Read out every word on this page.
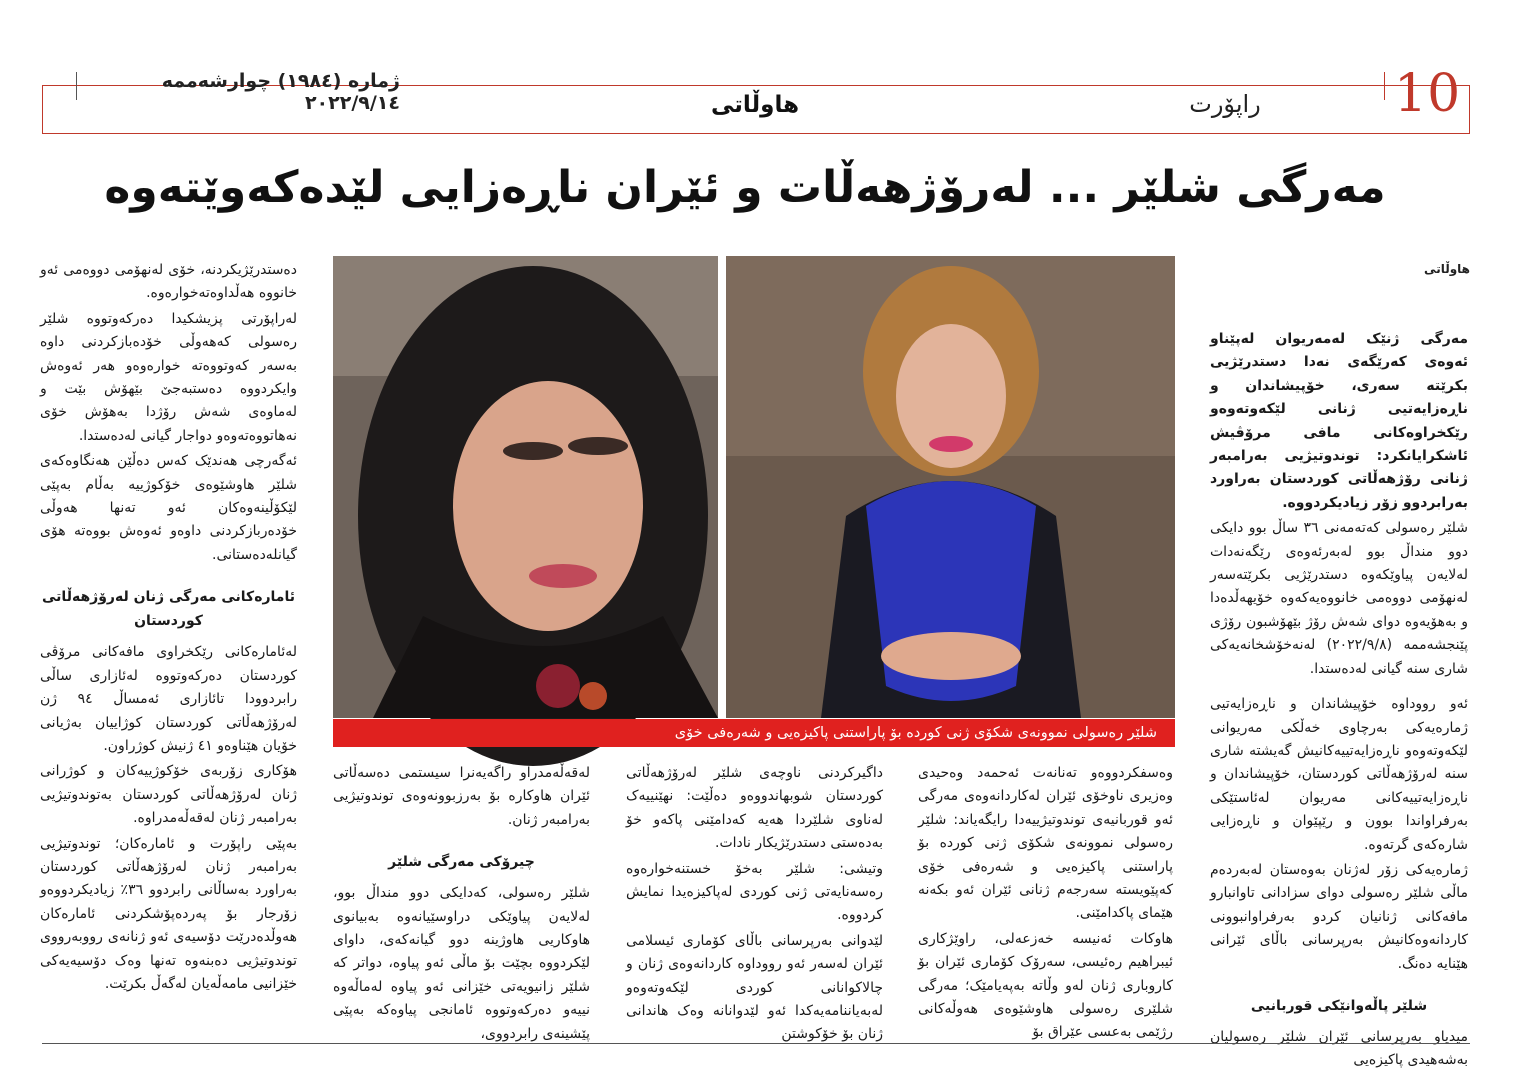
ژمارە (١٩٨٤) چوارشەممە ٢٠٢٢/٩/١٤	10
راپۆرت
هاوڵاتی
مەرگی شلێر ... لەرۆژهەڵات و ئێران ناڕەزایی لێدەکەوێتەوە
هاوڵاتی

مەرگی ژنێک لەمەریوان لەپێناو ئەوەی کەرێگەی نەدا دستدرێژیی بکرێتە سەری، خۆپیشاندان و ناڕەزایەتیی ژنانی لێکەوتەوەو رێکخراوەکانی مافی مرۆڤیش ئاشکرایانکرد: توندوتیژیی بەرامبەر ژنانی رۆژهەڵاتی کوردستان بەراورد بەرابردوو زۆر زیادیکردووە.

شلێر رەسولی کەتەمەنی ٣٦ ساڵ بوو دایکی دوو منداڵ بوو لەبەرئەوەی رێگەنەدات لەلایەن پیاوێکەوە دستدرێژیی بکرێتەسەر لەنهۆمی دووەمی خانووەیەکەوە خۆیهەڵدەدا و بەهۆیەوە دوای شەش رۆژ بێهۆشبون رۆژی پێنجشەممە (٢٠٢٢/٩/٨) لەنەخۆشخانەیەکی شاری سنە گیانی لەدەستدا.

ئەو رووداوە خۆپیشاندان و ناڕەزایەتیی ژمارەیەکی بەرچاوی خەڵکی مەریوانی لێکەوتەوەو ناڕەزایەتییەکانیش گەیشتە شاری سنە لەرۆژهەڵاتی کوردستان، خۆپیشاندان و ناڕەزایەتییەکانی مەریوان لەئاستێکی بەرفراواندا بوون و رێپێوان و ناڕەزایی شارەکەی گرتەوە.

ژمارەیەکی زۆر لەژنان بەوەستان لەبەردەم ماڵی شلێر رەسولی دوای سزادانی تاوانبارو مافەکانی ژنانیان کردو بەرفراوانبوونی کاردانەوەکانیش بەرپرسانی باڵای ئێرانی هێنایە دەنگ.

شلێر پاڵەوانێکی قوربانیی

میدیاو بەرپرسانی ئێران شلێر رەسولیان بەشەهیدی پاکیزەیی

شلێر رەسولی نموونەی شکۆی ژنی کوردە بۆ پاراستنی پاکیزەیی و شەرەفی خۆی

وەسفکردووەو تەنانەت ئەحمەد وەحیدی وەزیری ناوخۆی ئێران لەکاردانەوەی مەرگی ئەو قوربانیەی توندوتیژییەدا رایگەیاند: شلێر رەسولی نموونەی شکۆی ژنی کوردە بۆ پاراستنی پاکیزەیی و شەرەفی خۆی کەپێویستە سەرجەم ژنانی ئێران ئەو بکەنە هێمای پاکدامێنی.

هاوکات ئەنیسە خەزعەلی، راوێژکاری ئیبراهیم رەئیسی، سەرۆک کۆماری ئێران بۆ کاروباری ژنان لەو وڵاتە بەپەیامێک؛ مەرگی شلێری رەسولی هاوشێوەی هەوڵەکانی رژێمی بەعسی عێراق بۆ

داگیرکردنی ناوچەی شلێر لەرۆژهەڵاتی کوردستان شوبهاندووەو دەڵێت: نهێنییەک لەناوی شلێردا هەیە کەدامێنی پاکەو خۆ بەدەستی دستدرێژیکار نادات.

وتیشی: شلێر بەخۆ خستنەخوارەوە رەسەنایەتی ژنی کوردی لەپاکیزەیدا نمایش کردووە.

لێدوانی بەرپرسانی باڵای کۆماری ئیسلامی ئێران لەسەر ئەو رووداوە کاردانەوەی ژنان و چالاکوانانی کوردی لێکەوتەوەو لەبەیاننامەیەکدا ئەو لێدوانانە وەک هاندانی ژنان بۆ خۆکوشتن

لەقەڵەمدراو راگەیەنرا سیستمی دەسەڵاتی ئێران هاوکارە بۆ بەرزبوونەوەی توندوتیژیی بەرامبەر ژنان.

چیرۆکی مەرگی شلێر

شلێر رەسولی، کەدایکی دوو منداڵ بوو، لەلایەن پیاوێکی دراوسێیانەوە بەبیانوی هاوکاریی هاوژینە دوو گیانەکەی، داوای لێکردووە بچێت بۆ ماڵی ئەو پیاوە، دواتر کە شلێر زانیویەتی خێزانی ئەو پیاوە لەماڵەوە نییەو دەرکەوتووە ئامانجی پیاوەکە بەپێی پێشینەی رابردووی،

دەستدرێژیکردنە، خۆی لەنهۆمی دووەمی ئەو خانووە هەڵداوەتەخوارەوە.

لەراپۆرتی پزیشکیدا دەرکەوتووە شلێر رەسولی کەهەوڵی خۆدەبازکردنی داوە بەسەر کەوتووەتە خوارەوەو هەر ئەوەش وایکردووە دەستبەجێ بێهۆش بێت و لەماوەی شەش رۆژدا بەهۆش خۆی نەهاتووەتەوەو دواجار گیانی لەدەستدا.

ئەگەرچی هەندێک کەس دەڵێن هەنگاوەکەی شلێر هاوشێوەی خۆکوژییە بەڵام بەپێی لێکۆڵینەوەکان ئەو تەنها هەوڵی خۆدەربازکردنی داوەو ئەوەش بووەتە هۆی گیانلەدەستانی.

ئامارەکانی مەرگی ژنان لەرۆژهەڵاتی کوردستان

لەئامارەکانی رێکخراوی مافەکانی مرۆڤی کوردستان دەرکەوتووە لەئازاری ساڵی رابردوودا تائازاری ئەمساڵ ٩٤ ژن لەرۆژهەڵاتی کوردستان کوژاییان بەژیانی خۆیان هێناوەو ٤١ ژنیش کوژراون.

هۆکاری زۆربەی خۆکوژییەکان و کوژرانی ژنان لەرۆژهەڵاتی کوردستان بەتوندوتیژیی بەرامبەر ژنان لەقەڵەمدراوە.

بەپێی راپۆرت و ئامارەکان؛ توندوتیژیی بەرامبەر ژنان لەرۆژهەڵاتی کوردستان بەراورد بەساڵانی رابردوو ٣٦٪ زیادیکردووەو زۆرجار بۆ پەردەپۆشکردنی ئامارەکان هەوڵدەدرێت دۆسیەی ئەو ژنانەی رووبەرووی توندوتیژیی دەبنەوە تەنها وەک دۆسیەیەکی خێزانیی مامەڵەیان لەگەڵ بکرێت.
